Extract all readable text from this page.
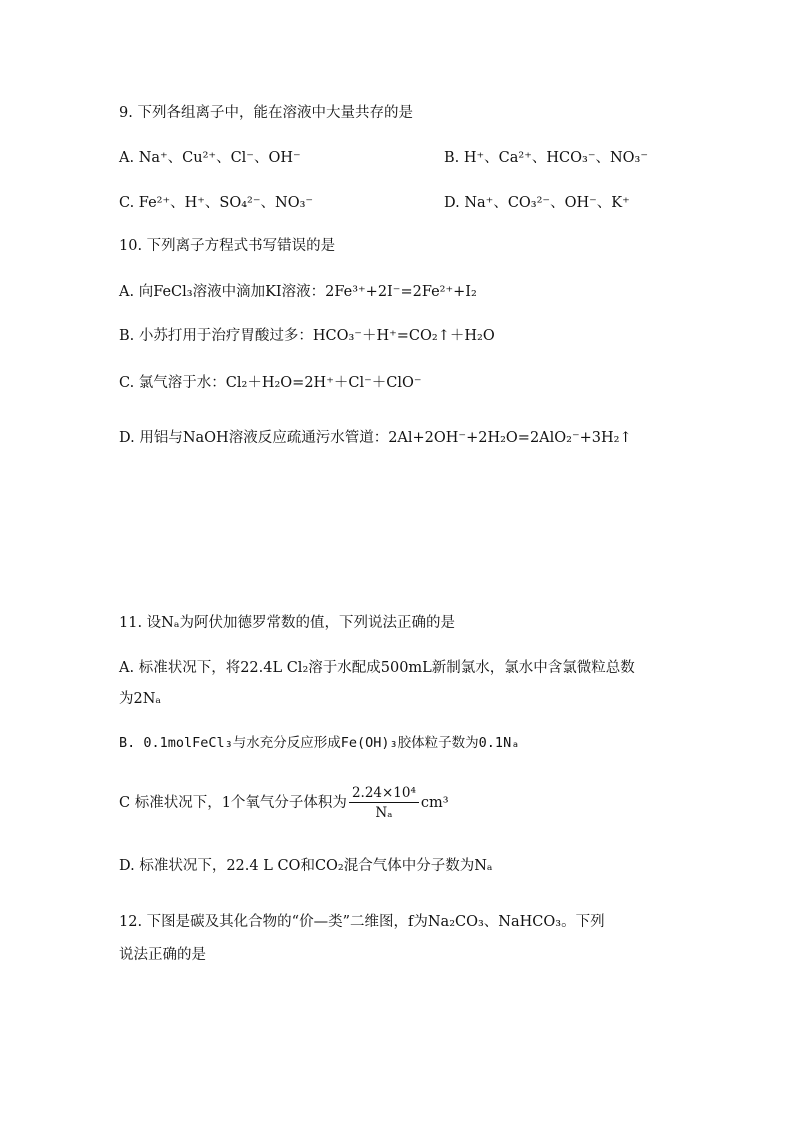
9. 下列各组离子中，能在溶液中大量共存的是
A. Na⁺、Cu²⁺、Cl⁻、OH⁻	B. H⁺、Ca²⁺、HCO₃⁻、NO₃⁻
C. Fe²⁺、H⁺、SO₄²⁻、NO₃⁻	D. Na⁺、CO₃²⁻、OH⁻、K⁺
10. 下列离子方程式书写错误的是
A. 向FeCl₃溶液中滴加KI溶液：2Fe³⁺+2I⁻=2Fe²⁺+I₂
B. 小苏打用于治疗胃酸过多：HCO₃⁻＋H⁺=CO₂↑＋H₂O
C. 氯气溶于水：Cl₂＋H₂O=2H⁺＋Cl⁻＋ClO⁻
D. 用铝与NaOH溶液反应疏通污水管道：2Al+2OH⁻+2H₂O=2AlO₂⁻+3H₂↑
11. 设Nₐ为阿伏加德罗常数的值，下列说法正确的是
A. 标准状况下，将22.4L Cl₂溶于水配成500mL新制氯水，氯水中含氯微粒总数
为2Nₐ
B. 0.1molFeCl₃与水充分反应形成Fe(OH)₃胶体粒子数为0.1Nₐ
C 标准状况下，1个氧气分子体积为 $\frac{\text{2.24×10⁴}}{\text{Nₐ}} cm^3$
D. 标准状况下，22.4 L CO和CO₂混合气体中分子数为Nₐ
12. 下图是碳及其化合物的“价—类”二维图，f为Na₂CO₃、NaHCO₃。下列
说法正确的是
